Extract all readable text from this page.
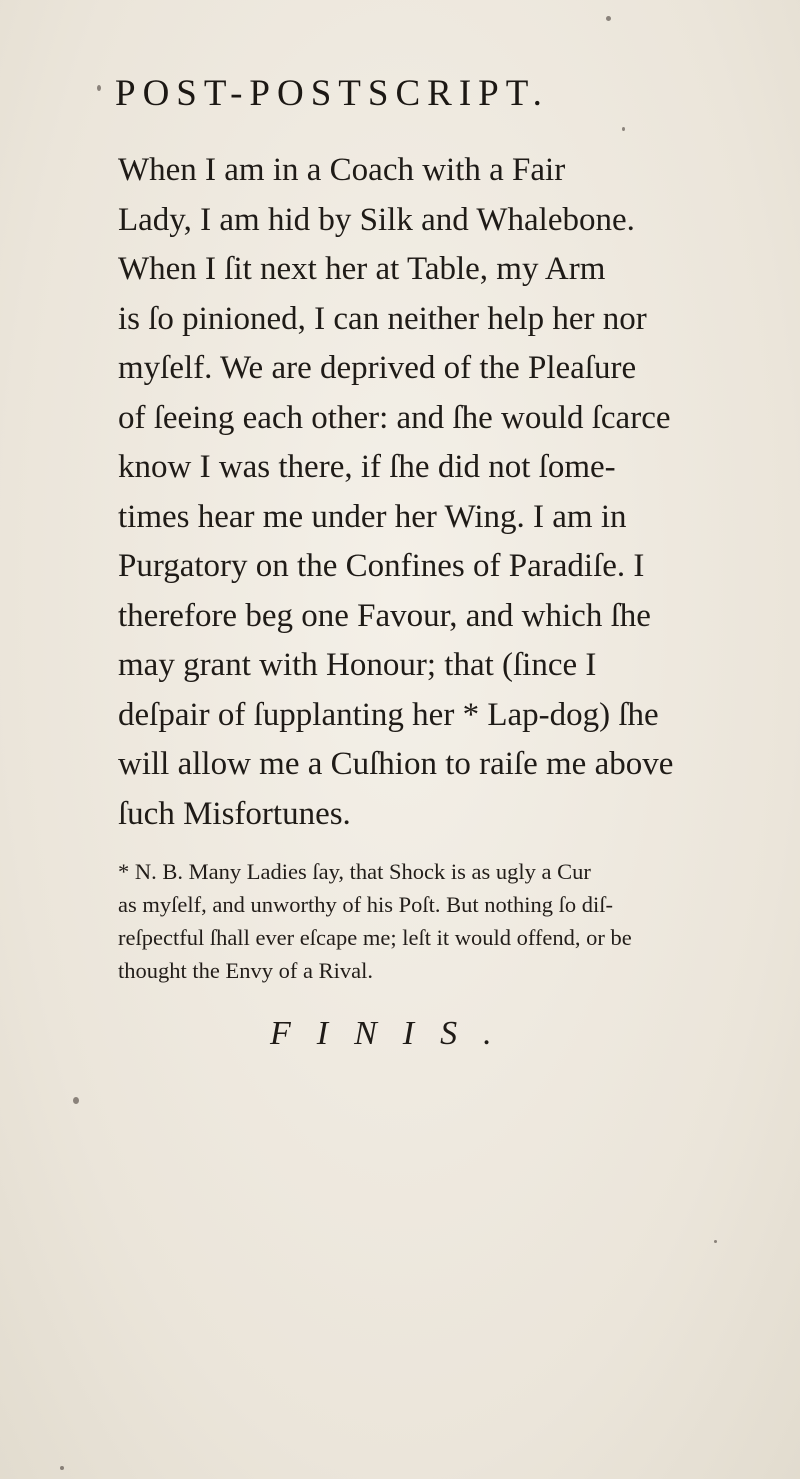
POST-POSTSCRIPT.
When I am in a Coach with a Fair
Lady, I am hid by Silk and Whalebone.
When I ſit next her at Table, my Arm
is ſo pinioned, I can neither help her nor
myſelf. We are deprived of the Pleaſure
of ſeeing each other: and ſhe would ſcarce
know I was there, if ſhe did not ſome-
times hear me under her Wing. I am in
Purgatory on the Confines of Paradiſe. I
therefore beg one Favour, and which ſhe
may grant with Honour; that (ſince I
deſpair of ſupplanting her * Lap-dog) ſhe
will allow me a Cuſhion to raiſe me above
ſuch Misfortunes.
* N. B. Many Ladies ſay, that Shock is as ugly a Cur
as myſelf, and unworthy of his Poſt. But nothing ſo diſ-
reſpectful ſhall ever eſcape me; leſt it would offend, or be
thought the Envy of a Rival.
FINIS.
